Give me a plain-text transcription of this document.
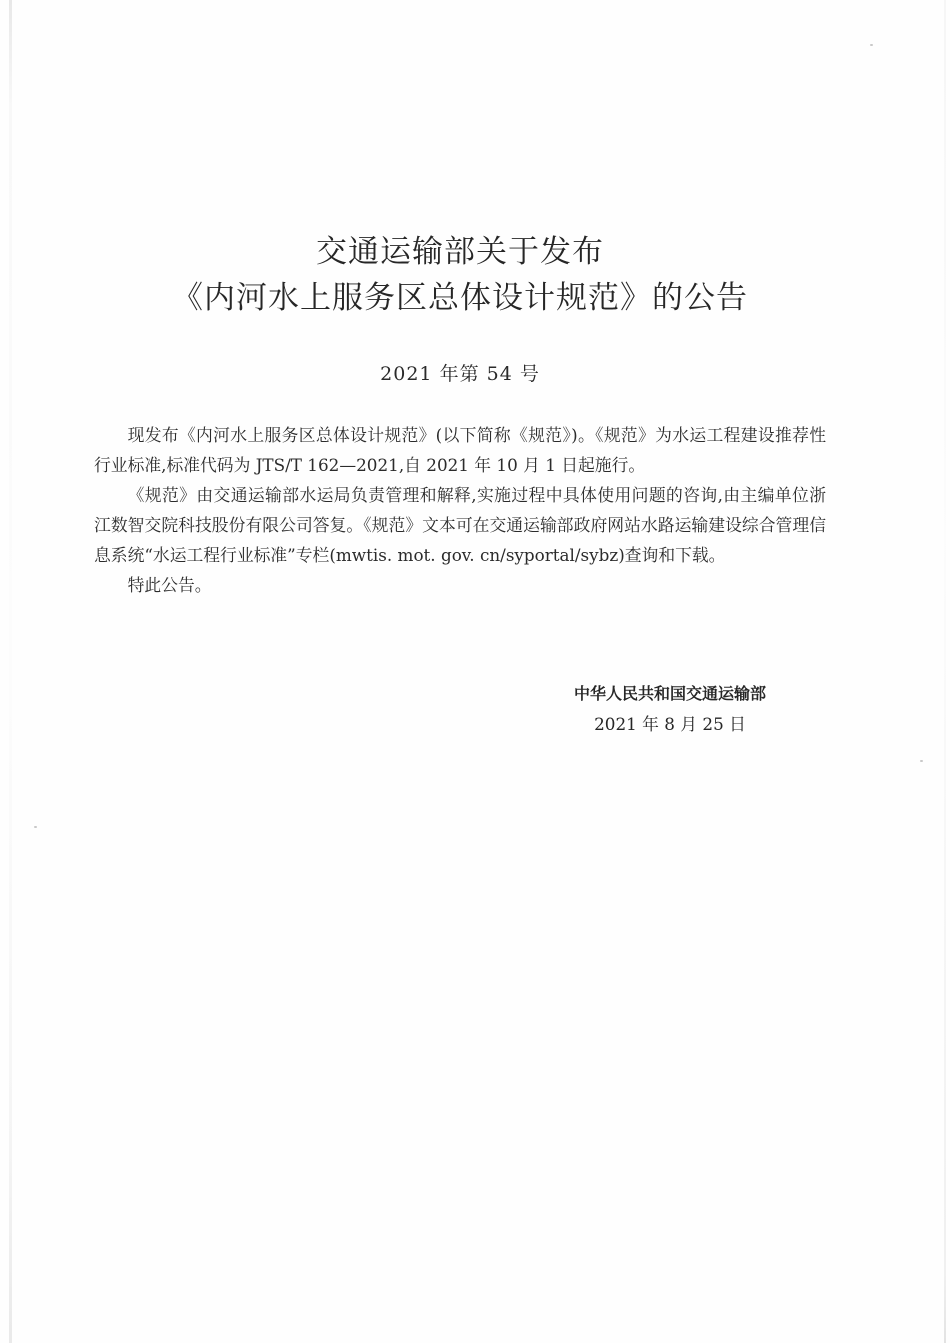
交通运输部关于发布
《内河水上服务区总体设计规范》的公告
2021 年第 54 号

现发布《内河水上服务区总体设计规范》(以下简称《规范》)。《规范》为水运工程建设推荐性行业标准,标准代码为 JTS/T 162—2021,自 2021 年 10 月 1 日起施行。

《规范》由交通运输部水运局负责管理和解释,实施过程中具体使用问题的咨询,由主编单位浙江数智交院科技股份有限公司答复。《规范》文本可在交通运输部政府网站水路运输建设综合管理信息系统“水运工程行业标准”专栏(mwtis. mot. gov. cn/syportal/sybz)查询和下载。

特此公告。

中华人民共和国交通运输部
2021 年 8 月 25 日
